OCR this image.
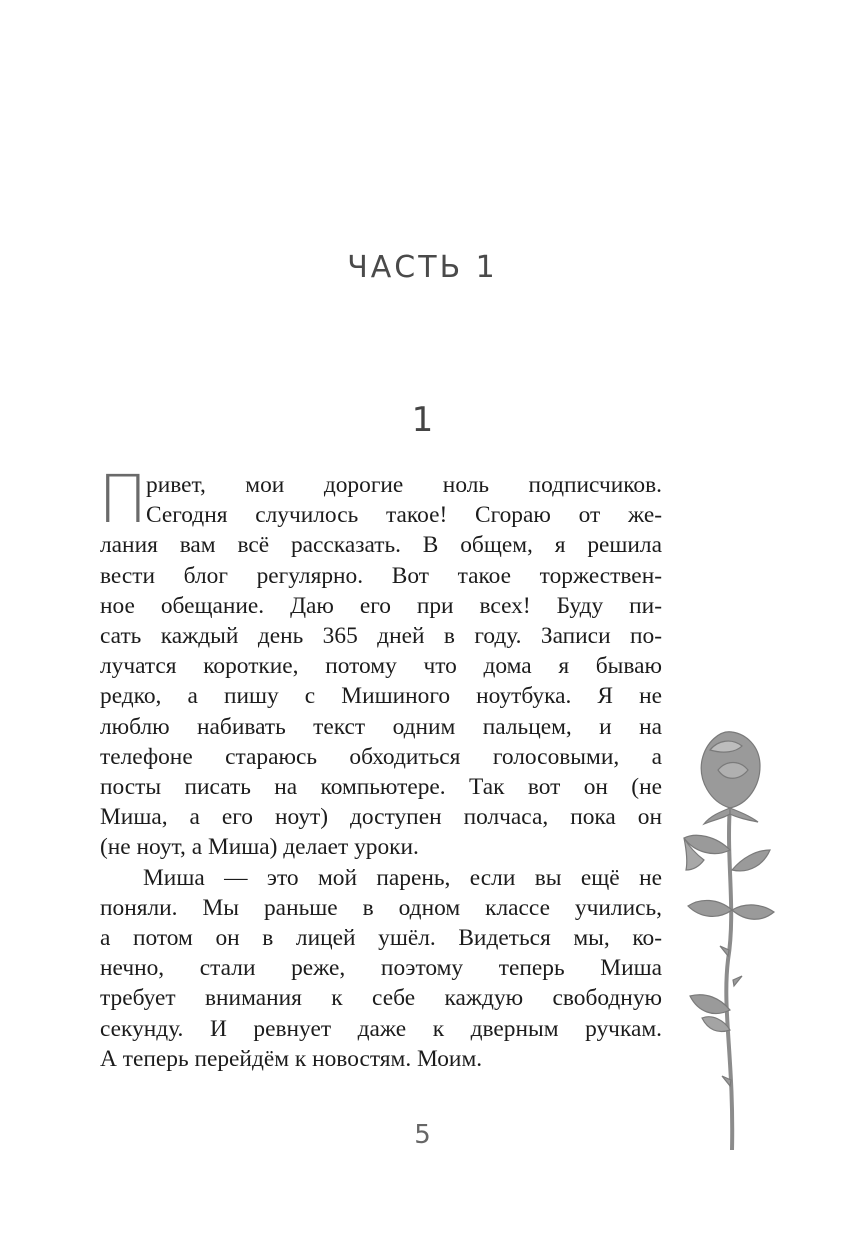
ЧАСТЬ 1
1
П
ривет, мои дорогие ноль подписчиков.
Сегодня случилось такое! Сгораю от же-
лания вам всё рассказать. В общем, я решила
вести блог регулярно. Вот такое торжествен-
ное обещание. Даю его при всех! Буду пи-
сать каждый день 365 дней в году. Записи по-
лучатся короткие, потому что дома я бываю
редко, а пишу с Мишиного ноутбука. Я не
люблю набивать текст одним пальцем, и на
телефоне стараюсь обходиться голосовыми, а
посты писать на компьютере. Так вот он (не
Миша, а его ноут) доступен полчаса, пока он
(не ноут, а Миша) делает уроки.
Миша — это мой парень, если вы ещё не
поняли. Мы раньше в одном классе учились,
а потом он в лицей ушёл. Видеться мы, ко-
нечно, стали реже, поэтому теперь Миша
требует внимания к себе каждую свободную
секунду. И ревнует даже к дверным ручкам.
А теперь перейдём к новостям. Моим.
5
